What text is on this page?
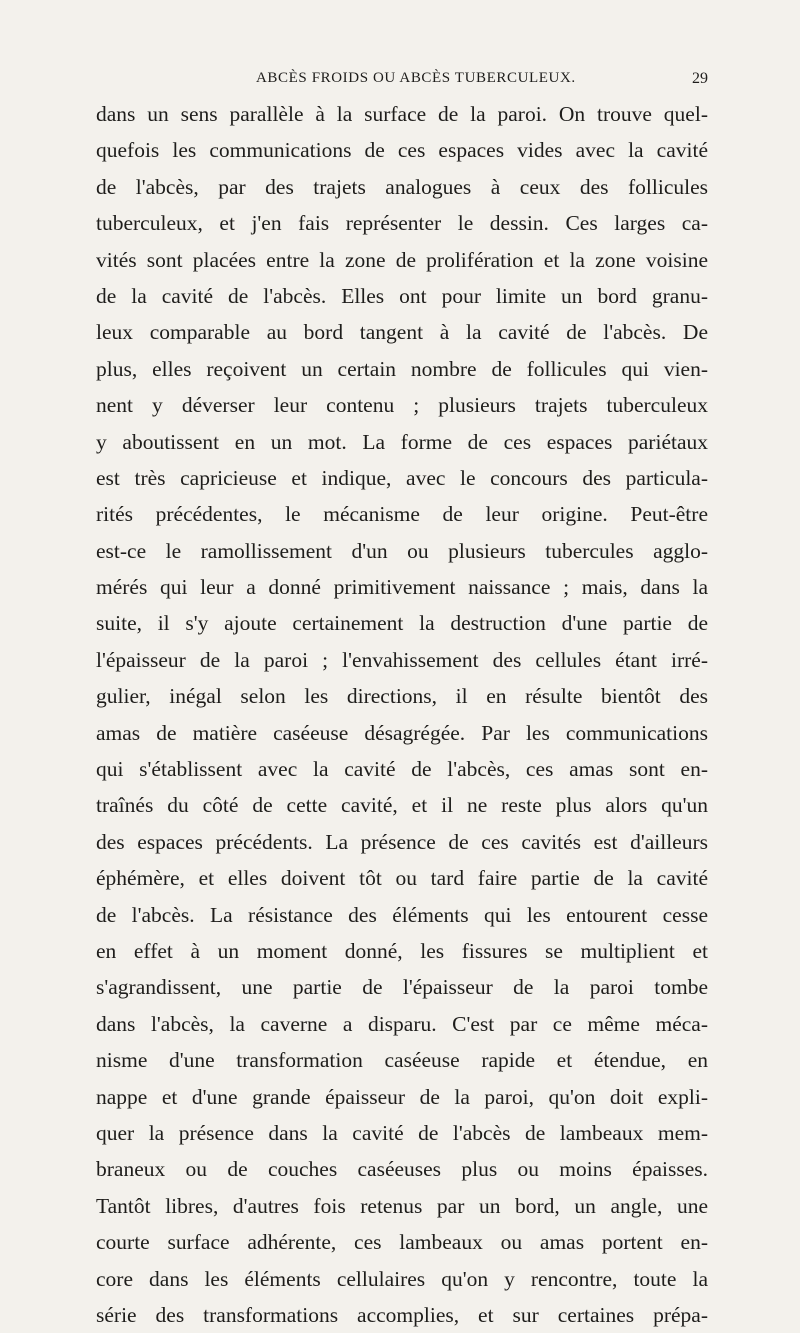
ABCÈS FROIDS OU ABCÈS TUBERCULEUX.	29
dans un sens parallèle à la surface de la paroi. On trouve quel-
quefois les communications de ces espaces vides avec la cavité
de l'abcès, par des trajets analogues à ceux des follicules
tuberculeux, et j'en fais représenter le dessin. Ces larges ca-
vités sont placées entre la zone de prolifération et la zone voisine
de la cavité de l'abcès. Elles ont pour limite un bord granu-
leux comparable au bord tangent à la cavité de l'abcès. De
plus, elles reçoivent un certain nombre de follicules qui vien-
nent y déverser leur contenu ; plusieurs trajets tuberculeux
y aboutissent en un mot. La forme de ces espaces pariétaux
est très capricieuse et indique, avec le concours des particula-
rités précédentes, le mécanisme de leur origine. Peut-être
est-ce le ramollissement d'un ou plusieurs tubercules agglo-
mérés qui leur a donné primitivement naissance ; mais, dans la
suite, il s'y ajoute certainement la destruction d'une partie de
l'épaisseur de la paroi ; l'envahissement des cellules étant irré-
gulier, inégal selon les directions, il en résulte bientôt des
amas de matière caséeuse désagrégée. Par les communications
qui s'établissent avec la cavité de l'abcès, ces amas sont en-
traînés du côté de cette cavité, et il ne reste plus alors qu'un
des espaces précédents. La présence de ces cavités est d'ailleurs
éphémère, et elles doivent tôt ou tard faire partie de la cavité
de l'abcès. La résistance des éléments qui les entourent cesse
en effet à un moment donné, les fissures se multiplient et
s'agrandissent, une partie de l'épaisseur de la paroi tombe
dans l'abcès, la caverne a disparu. C'est par ce même méca-
nisme d'une transformation caséeuse rapide et étendue, en
nappe et d'une grande épaisseur de la paroi, qu'on doit expli-
quer la présence dans la cavité de l'abcès de lambeaux mem-
braneux ou de couches caséeuses plus ou moins épaisses.
Tantôt libres, d'autres fois retenus par un bord, un angle, une
courte surface adhérente, ces lambeaux ou amas portent en-
core dans les éléments cellulaires qu'on y rencontre, toute la
série des transformations accomplies, et sur certaines prépa-
